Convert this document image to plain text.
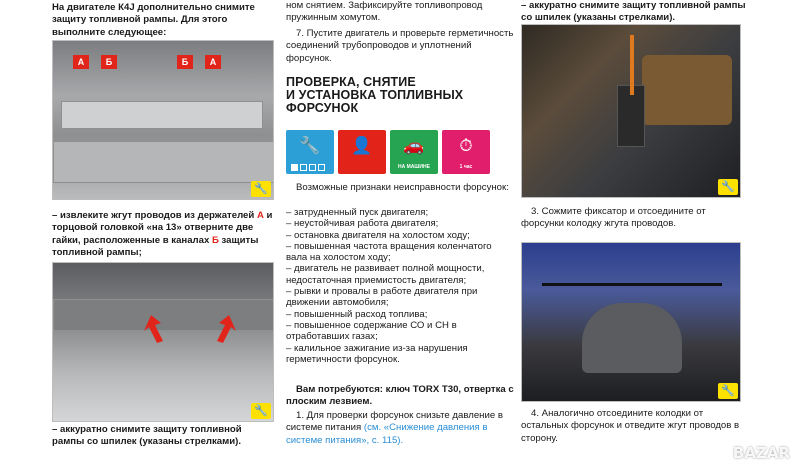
На двигателе К4J дополнительно снимите защиту топливной рампы. Для этого выполните следующее:

А	Б	Б	А
🔧

– извлеките жгут проводов из держателей А и торцовой головкой «на 13» отверните две гайки, расположенные в каналах Б защиты топливной рампы;

🔧

– аккуратно снимите защиту топливной рампы со шпилек (указаны стрелками).

ном снятием. Зафиксируйте топливопровод пружинным хомутом.

7. Пустите двигатель и проверьте герметичность соединений трубопроводов и уплотнений форсунок.

ПРОВЕРКА, СНЯТИЕ

И УСТАНОВКА ТОПЛИВНЫХ

ФОРСУНОК

🔧	👤	🚗
НА МАШИНЕ
⏱
1 час

Возможные признаки неисправности форсунок:

– затрудненный пуск двигателя;
– неустойчивая работа двигателя;
– остановка двигателя на холостом ходу;
– повышенная частота вращения коленчатого вала на холостом ходу;
– двигатель не развивает полной мощности, недостаточная приемистость двигателя;
– рывки и провалы в работе двигателя при движении автомобиля;
– повышенный расход топлива;
– повышенное содержание СО и СН в отработавших газах;
– калильное зажигание из-за нарушения герметичности форсунок.

Вам потребуются: ключ TORX T30, отвертка с плоским лезвием.

1. Для проверки форсунок снизьте давление в системе питания (см. «Снижение давления в системе питания», с. 115).

– аккуратно снимите защиту топливной рампы со шпилек (указаны стрелками).

🔧

3. Сожмите фиксатор и отсоедините от форсунки колодку жгута проводов.

🔧

4. Аналогично отсоедините колодки от остальных форсунок и отведите жгут проводов в сторону.

BAZAR
